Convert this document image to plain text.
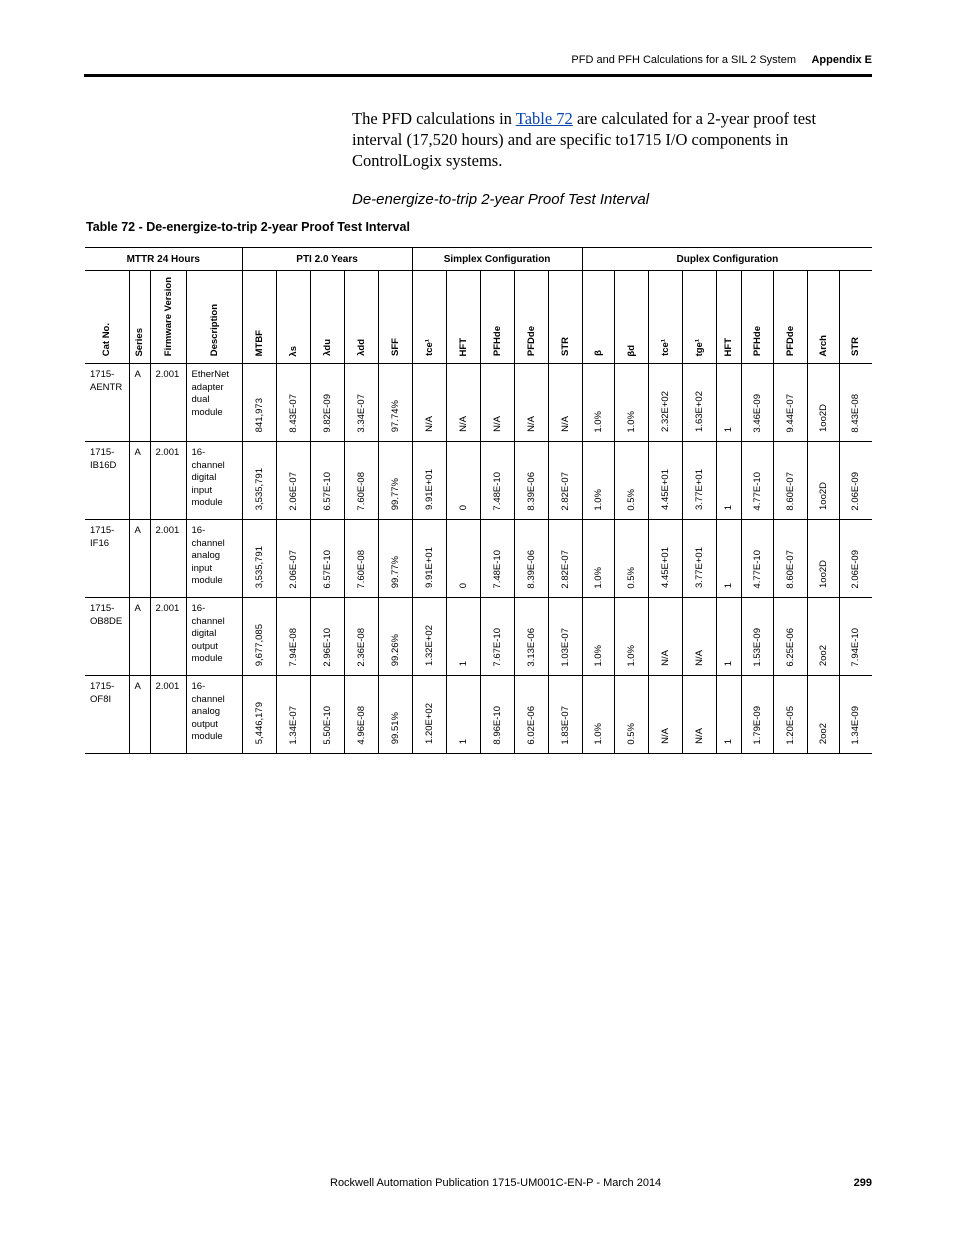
PFD and PFH Calculations for a SIL 2 System	Appendix E
The PFD calculations in Table 72 are calculated for a 2-year proof test interval (17,520 hours) and are specific to1715 I/O components in ControlLogix systems.
De-energize-to-trip 2-year Proof Test Interval
Table 72 - De-energize-to-trip 2-year Proof Test Interval
MTTR 24 Hours				PTI 2.0 Years					Simplex Configuration					Duplex Configuration								
Cat No.	Series	Firmware Version	Description	MTBF	λs	λdu	λdd	SFF	tce¹	HFT	PFHde	PFDde	STR	β	βd	tce¹	tge¹	HFT	PFHde	PFDde	Arch	STR
1715-AENTR	A	2.001	EtherNet adapter dual module	841,973	8.43E-07	9.82E-09	3.34E-07	97.74%	N/A	N/A	N/A	N/A	N/A	1.0%	1.0%	2.32E+02	1.63E+02	1	3.46E-09	9.44E-07	1oo2D	8.43E-08
1715-IB16D	A	2.001	16-channel digital input module	3,535,791	2.06E-07	6.57E-10	7.60E-08	99.77%	9.91E+01	0	7.48E-10	8.39E-06	2.82E-07	1.0%	0.5%	4.45E+01	3.77E+01	1	4.77E-10	8.60E-07	1oo2D	2.06E-09
1715-IF16	A	2.001	16-channel analog input module	3,535,791	2.06E-07	6.57E-10	7.60E-08	99.77%	9.91E+01	0	7.48E-10	8.39E-06	2.82E-07	1.0%	0.5%	4.45E+01	3.77E+01	1	4.77E-10	8.60E-07	1oo2D	2.06E-09
1715-OB8DE	A	2.001	16-channel digital output module	9,677,085	7.94E-08	2.96E-10	2.36E-08	99.26%	1.32E+02	1	7.67E-10	3.13E-06	1.03E-07	1.0%	1.0%	N/A	N/A	1	1.53E-09	6.25E-06	2oo2	7.94E-10
1715-OF8I	A	2.001	16-channel analog output module	5,446,179	1.34E-07	5.50E-10	4.96E-08	99.51%	1.20E+02	1	8.96E-10	6.02E-06	1.83E-07	1.0%	0.5%	N/A	N/A	1	1.79E-09	1.20E-05	2oo2	1.34E-09
Rockwell Automation Publication 1715-UM001C-EN-P - March 2014	299
